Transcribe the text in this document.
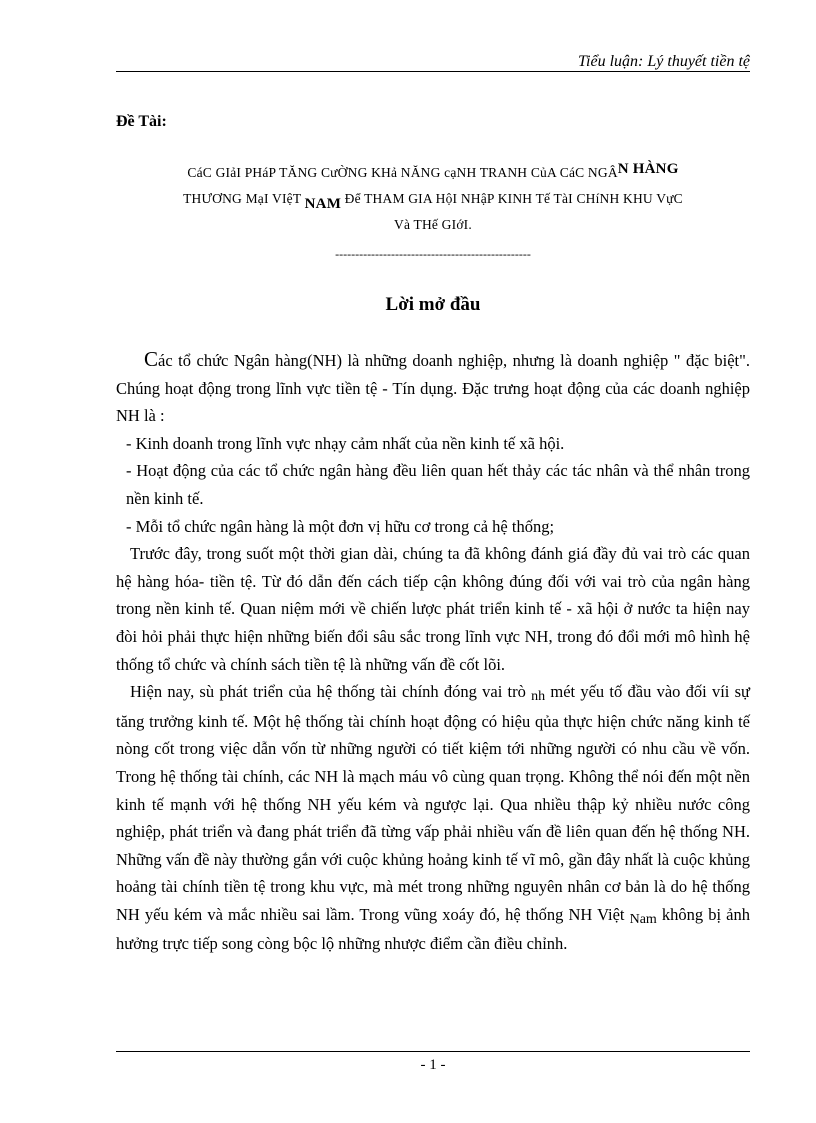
Tiểu luận: Lý thuyết tiền tệ
Đề Tài:
CáC GIảI PHáP TĂNG CưỜNG KHả NĂNG cạNH TRANH CủA CáC NGÂN HÀNG
THƯƠNG MạI VIệT NAM Để THAM GIA HộI NHậP KINH Tế TàI CHíNH KHU VựC
Và THế GIớI.
-------------------------------------------------
Lời mở đầu

Các tổ chức Ngân hàng(NH) là những doanh nghiệp, nhưng là doanh nghiệp " đặc biệt". Chúng hoạt động trong lĩnh vực tiền tệ - Tín dụng. Đặc trưng hoạt động của các doanh nghiệp NH là :

- Kinh doanh trong lĩnh vực nhạy cảm nhất của nền kinh tế xã hội.

- Hoạt động của các tổ chức ngân hàng đều liên quan hết thảy các tác nhân và thể nhân trong nền kinh tế.

- Mỗi tổ chức ngân hàng là một đơn vị hữu cơ trong cả hệ thống;

Trước đây, trong suốt một thời gian dài, chúng ta đã không đánh giá đầy đủ vai trò các quan hệ hàng hóa- tiền tệ. Từ đó dẫn đến cách tiếp cận không đúng đối với vai trò của ngân hàng trong nền kinh tế. Quan niệm mới về chiến lược phát triển kinh tế - xã hội ở nước ta hiện nay đòi hỏi phải thực hiện những biến đổi sâu sắc trong lĩnh vực NH, trong đó đổi mới mô hình hệ thống tổ chức và chính sách tiền tệ là những vấn đề cốt lõi.

Hiện nay, sù phát triển của hệ thống tài chính đóng vai trò nh mét yếu tố đầu vào đối víi sự tăng trưởng kinh tế. Một hệ thống tài chính hoạt động có hiệu qủa thực hiện chức năng kinh tế nòng cốt trong việc dẫn vốn từ những người có tiết kiệm tới những người có nhu cầu về vốn. Trong hệ thống tài chính, các NH là mạch máu vô cùng quan trọng. Không thể nói đến một nền kinh tế mạnh với hệ thống NH yếu kém và ngược lại. Qua nhiều thập kỷ nhiều nước công nghiệp, phát triển và đang phát triển đã từng vấp phải nhiều vấn đề liên quan đến hệ thống NH. Những vấn đề này thường gắn với cuộc khủng hoảng kinh tế vĩ mô, gần đây nhất là cuộc khủng hoảng tài chính tiền tệ trong khu vực, mà mét trong những nguyên nhân cơ bản là do hệ thống NH yếu kém và mắc nhiều sai lầm. Trong vũng xoáy đó, hệ thống NH Việt Nam không bị ảnh hưởng trực tiếp song còng bộc lộ những nhược điểm cần điều chỉnh.

- 1 -
